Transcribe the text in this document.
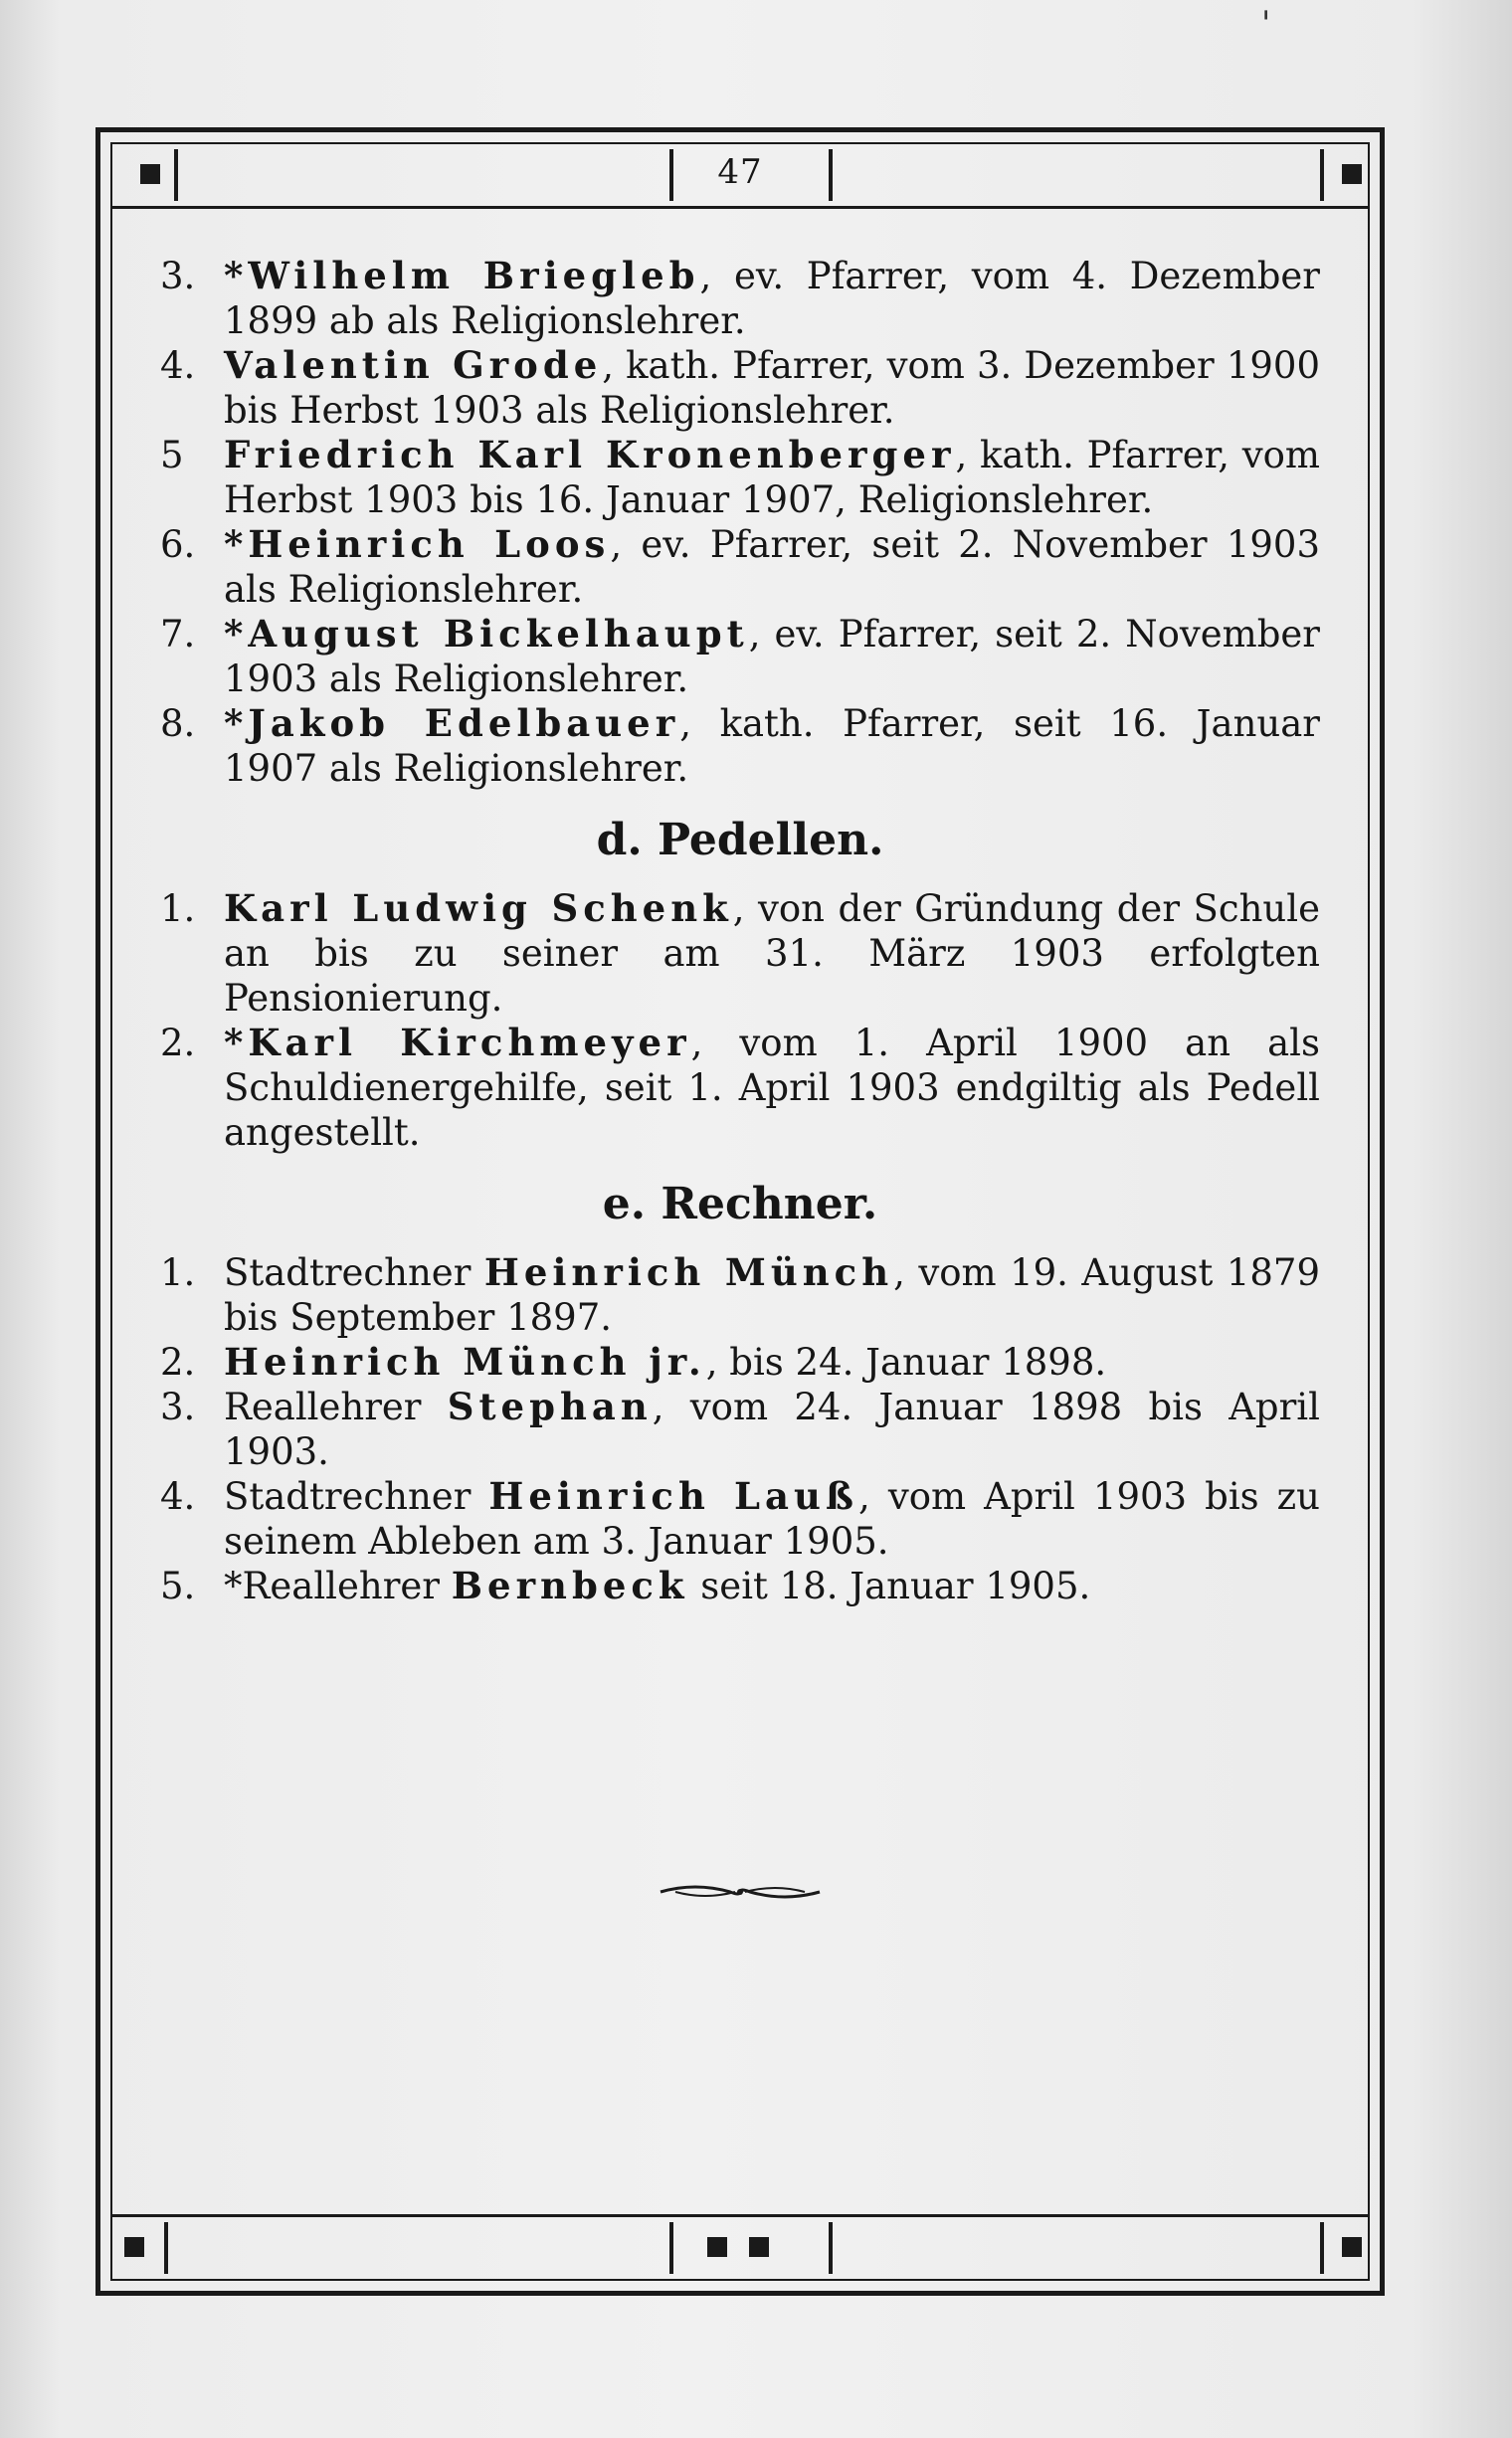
'
47
3. *Wilhelm Briegleb, ev. Pfarrer, vom 4. Dezember 1899 ab als Religionslehrer.
4. Valentin Grode, kath. Pfarrer, vom 3. Dezember 1900 bis Herbst 1903 als Religionslehrer.
5 Friedrich Karl Kronenberger, kath. Pfarrer, vom Herbst 1903 bis 16. Januar 1907, Religionslehrer.
6. *Heinrich Loos, ev. Pfarrer, seit 2. November 1903 als Religionslehrer.
7. *August Bickelhaupt, ev. Pfarrer, seit 2. November 1903 als Religionslehrer.
8. *Jakob Edelbauer, kath. Pfarrer, seit 16. Januar 1907 als Religionslehrer.
d. Pedellen.
1. Karl Ludwig Schenk, von der Gründung der Schule an bis zu seiner am 31. März 1903 erfolgten Pensionierung.
2. *Karl Kirchmeyer, vom 1. April 1900 an als Schuldienergehilfe, seit 1. April 1903 endgiltig als Pedell angestellt.
e. Rechner.
1. Stadtrechner Heinrich Münch, vom 19. August 1879 bis September 1897.
2. Heinrich Münch jr., bis 24. Januar 1898.
3. Reallehrer Stephan, vom 24. Januar 1898 bis April 1903.
4. Stadtrechner Heinrich Lauß, vom April 1903 bis zu seinem Ableben am 3. Januar 1905.
5. *Reallehrer Bernbeck seit 18. Januar 1905.
